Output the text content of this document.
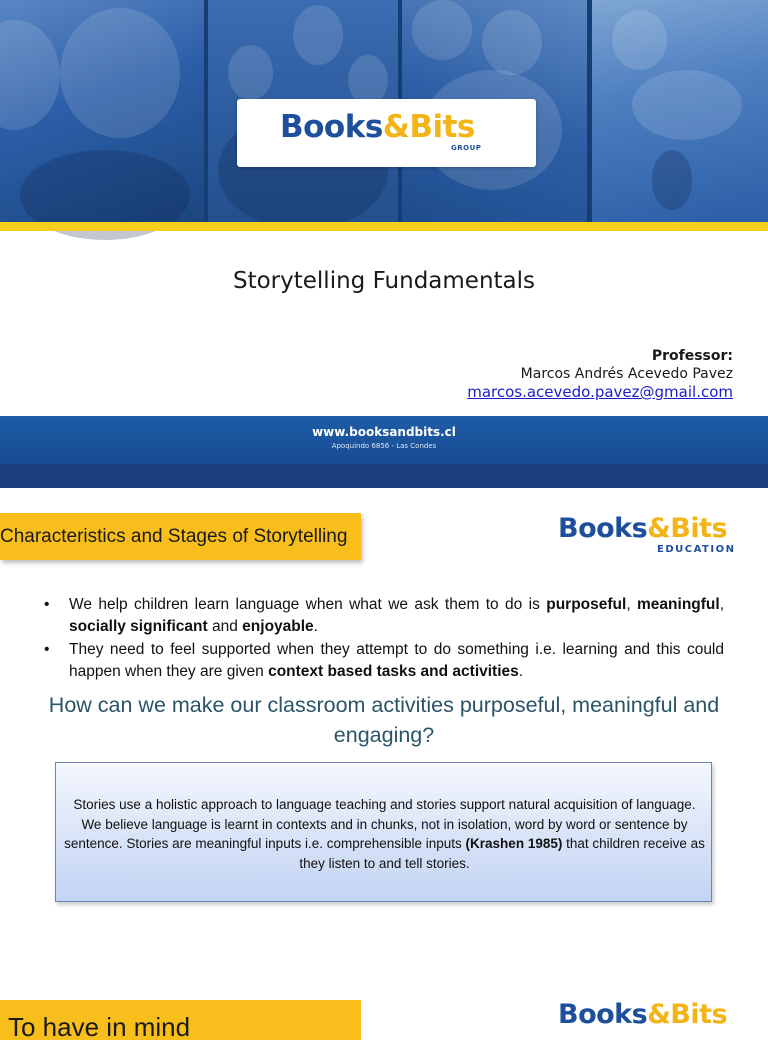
Books&Bits
GROUP
Storytelling Fundamentals
Professor:
Marcos Andrés Acevedo Pavez
marcos.acevedo.pavez@gmail.com
www.booksandbits.cl
Apoquindo 6856 - Las Condes
Characteristics and Stages of Storytelling	Books&Bits
EDUCATION
• We help children learn language when what we ask them to do is purposeful, meaningful, socially significant and enjoyable.
• They need to feel supported when they attempt to do something i.e. learning and this could happen when they are given context based tasks and activities.
How can we make our classroom activities purposeful, meaningful and engaging?
Stories use a holistic approach to language teaching and stories support natural acquisition of language. We believe language is learnt in contexts and in chunks, not in isolation, word by word or sentence by sentence. Stories are meaningful inputs i.e. comprehensible inputs (Krashen 1985) that children receive as they listen to and tell stories.
To have in mind	Books&Bits
